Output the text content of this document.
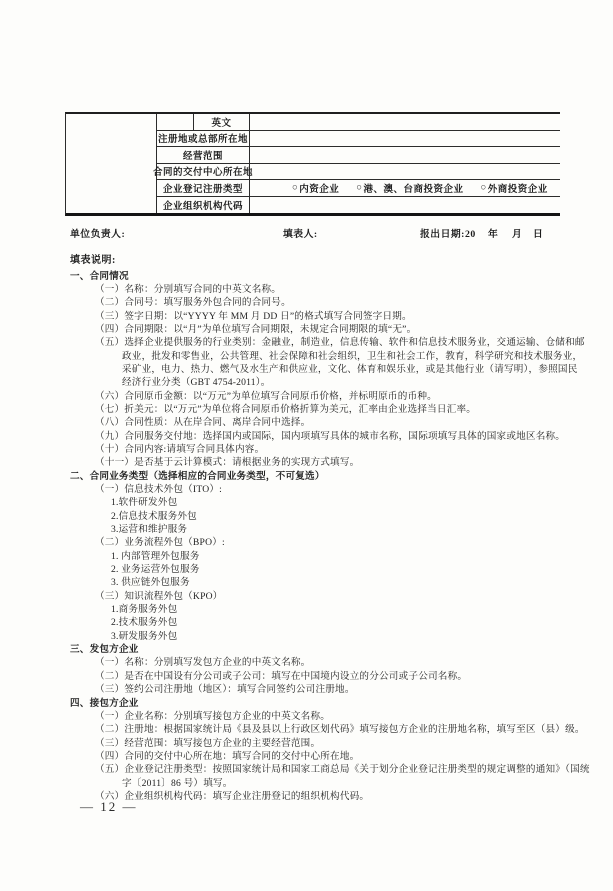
英文
注册地或总部所在地
经营范围
合同的交付中心所在地
企业登记注册类型	○ 内资企业 ○ 港、澳、台商投资企业 ○ 外商投资企业
企业组织机构代码
单位负责人:	填表人:	报出日期:20 年 月 日
填表说明:
一、合同情况
（一）名称：分别填写合同的中英文名称。
（二）合同号：填写服务外包合同的合同号。
（三）签字日期：以“YYYY 年 MM 月 DD 日”的格式填写合同签字日期。
（四）合同期限：以“月”为单位填写合同期限，未规定合同期限的填“无”。
（五）选择企业提供服务的行业类别：金融业，制造业，信息传输、软件和信息技术服务业，交通运输、仓储和邮
政业，批发和零售业，公共管理、社会保障和社会组织，卫生和社会工作，教育，科学研究和技术服务业，
采矿业，电力、热力、燃气及水生产和供应业，文化、体育和娱乐业，或是其他行业（请写明），参照国民
经济行业分类（GBT 4754-2011）。
（六）合同原币金额：以“万元”为单位填写合同原币价格，并标明原币的币种。
（七）折美元：以“万元”为单位将合同原币价格折算为美元，汇率由企业选择当日汇率。
（八）合同性质：从在岸合同、离岸合同中选择。
（九）合同服务交付地：选择国内或国际，国内项填写具体的城市名称，国际项填写具体的国家或地区名称。
（十）合同内容:请填写合同具体内容。
（十一）是否基于云计算模式：请根据业务的实现方式填写。
二、合同业务类型（选择相应的合同业务类型，不可复选）
（一）信息技术外包（ITO）:
1.软件研发外包
2.信息技术服务外包
3.运营和维护服务
（二）业务流程外包（BPO）:
1. 内部管理外包服务
2. 业务运营外包服务
3. 供应链外包服务
（三）知识流程外包（KPO）
1.商务服务外包
2.技术服务外包
3.研发服务外包
三、发包方企业
（一）名称：分别填写发包方企业的中英文名称。
（二）是否在中国设有分公司或子公司：填写在中国境内设立的分公司或子公司名称。
（三）签约公司注册地（地区）：填写合同签约公司注册地。
四、接包方企业
（一）企业名称：分别填写接包方企业的中英文名称。
（二）注册地：根据国家统计局《县及县以上行政区划代码》填写接包方企业的注册地名称，填写至区（县）级。
（三）经营范围：填写接包方企业的主要经营范围。
（四）合同的交付中心所在地：填写合同的交付中心所在地。
（五）企业登记注册类型：按照国家统计局和国家工商总局《关于划分企业登记注册类型的规定调整的通知》（国统
字〔2011〕86 号）填写。
（六）企业组织机构代码：填写企业注册登记的组织机构代码。
— 12 —
